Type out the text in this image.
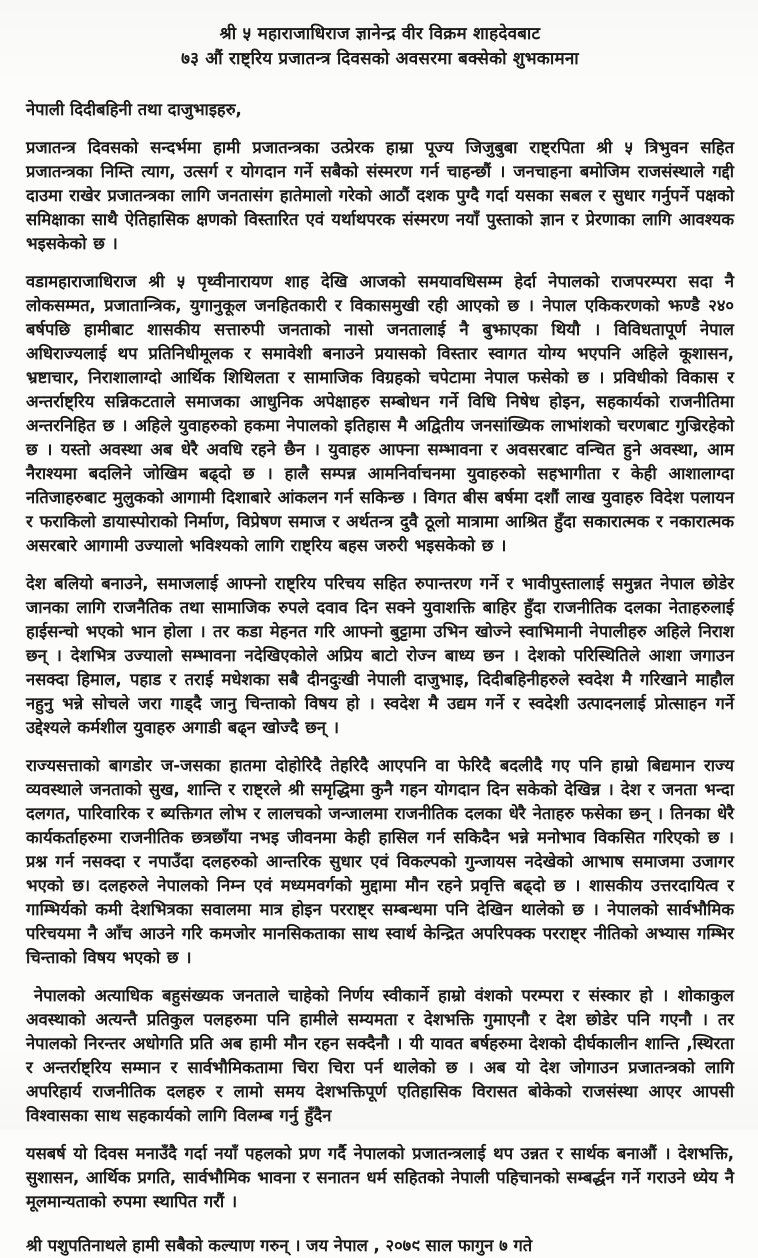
श्री ५ महाराजाधिराज ज्ञानेन्द्र वीर विक्रम शाहदेवबाट
७३ औं राष्ट्रिय प्रजातन्त्र दिवसको अवसरमा बक्सेको शुभकामना

नेपाली दिदीबहिनी तथा दाजुभाइहरु,

प्रजातन्त्र दिवसको सन्दर्भमा हामी प्रजातन्त्रका उत्प्रेरक हाम्रा पूज्य जिजुबुबा राष्ट्रपिता श्री ५ त्रिभुवन सहित प्रजातन्त्रका निम्ति त्याग, उत्सर्ग र योगदान गर्ने सबैको संस्मरण गर्न चाहन्छौं । जनचाहना बमोजिम राजसंस्थाले गद्दी दाउमा राखेर प्रजातन्त्रका लागि जनतासंग हातेमालो गरेको आठौं दशक पुग्दै गर्दा यसका सबल र सुधार गर्नुपर्ने पक्षको समिक्षाका साथै ऐतिहासिक क्षणको विस्तारित एवं यर्थाथपरक संस्मरण नयाँ पुस्ताको ज्ञान र प्रेरणाका लागि आवश्यक भइसकेको छ ।

वडामहाराजाधिराज श्री ५ पृथ्वीनारायण शाह देखि आजको समयावधिसम्म हेर्दा नेपालको राजपरम्परा सदा नै लोकसम्मत, प्रजातान्त्रिक, युगानुकूल जनहितकारी र विकासमुखी रही आएको छ । नेपाल एकिकरणको झण्डै २४० बर्षपछि हामीबाट शासकीय सत्तारुपी जनताको नासो जनतालाई नै बुझाएका थियौ । विविधतापूर्ण नेपाल अधिराज्यलाई थप प्रतिनिधीमूलक र समावेशी बनाउने प्रयासको विस्तार स्वागत योग्य भएपनि अहिले कूशासन, भ्रष्टाचार, निराशालाग्दो आर्थिक शिथिलता र सामाजिक विग्रहको चपेटामा नेपाल फसेको छ । प्रविधीको विकास र अन्तर्राष्ट्रिय सन्निकटताले समाजका आधुनिक अपेक्षाहरु सम्बोधन गर्ने विधि निषेध होइन, सहकार्यको राजनीतिमा अन्तरनिहित छ । अहिले युवाहरुको हकमा नेपालको इतिहास मै अद्वितीय जनसांख्यिक लाभांशको चरणबाट गुज्रिरहेको छ । यस्तो अवस्था अब धेरै अवधि रहने छैन । युवाहरु आफ्ना सम्भावना र अवसरबाट वन्चित हुने अवस्था, आम नैराश्यमा बदलिने जोखिम बढ्दो छ । हालै सम्पन्न आमनिर्वाचनमा युवाहरुको सहभागीता र केही आशालाग्दा नतिजाहरुबाट मुलुकको आगामी दिशाबारे आंकलन गर्न सकिन्छ । विगत बीस बर्षमा दशौं लाख युवाहरु विदेश पलायन र फराकिलो डायास्पोराको निर्माण, विप्रेषण समाज र अर्थतन्त्र दुवै ठूलो मात्रामा आश्रित हुँदा सकारात्मक र नकारात्मक असरबारे आगामी उज्यालो भविश्यको लागि राष्ट्रिय बहस जरुरी भइसकेको छ ।

देश बलियो बनाउने, समाजलाई आफ्नो राष्ट्रिय परिचय सहित रुपान्तरण गर्ने र भावीपुस्तालाई समुन्नत नेपाल छोडेर जानका लागि राजनैतिक तथा सामाजिक रुपले दवाव दिन सक्ने युवाशक्ति बाहिर हुँदा राजनीतिक दलका नेताहरुलाई हाईसन्चो भएको भान होला । तर कडा मेहनत गरि आफ्नो बुट्टामा उभिन खोज्ने स्वाभिमानी नेपालीहरु अहिले निराश छन् । देशभित्र उज्यालो सम्भावना नदेखिएकोले अप्रिय बाटो रोज्न बाध्य छन । देशको परिस्थितिले आशा जगाउन नसक्दा हिमाल, पहाड र तराई मधेशका सबै दीनदुःखी नेपाली दाजुभाइ, दिदीबहिनीहरुले स्वदेश मै गरिखाने माहौल नहुनु भन्ने सोचले जरा गाड्दै जानु चिन्ताको विषय हो । स्वदेश मै उद्यम गर्ने र स्वदेशी उत्पादनलाई प्रोत्साहन गर्ने उद्देश्यले कर्मशील युवाहरु अगाडी बढ्न खोज्दै छन् ।

राज्यसत्ताको बागडोर ज-जसका हातमा दोहोरिदै तेहरिदै आएपनि वा फेरिदै बदलीदै गए पनि हाम्रो बिद्यमान राज्य व्यवस्थाले जनताको सुख, शान्ति र राष्ट्रले श्री समृद्धिमा कुनै गहन योगदान दिन सकेको देखिन्न । देश र जनता भन्दा दलगत, पारिवारिक र ब्यक्तिगत लोभ र लालचको जन्जालमा राजनीतिक दलका धेरै नेताहरु फसेका छन् । तिनका धेरै कार्यकर्ताहरुमा राजनीतिक छत्रछाँया नभइ जीवनमा केही हासिल गर्न सकिदैन भन्ने मनोभाव विकसित गरिएको छ । प्रश्न गर्न नसक्दा र नपाउँदा दलहरुको आन्तरिक सुधार एवं विकल्पको गुन्जायस नदेखेको आभाष समाजमा उजागर भएको छ। दलहरुले नेपालको निम्न एवं मध्यमवर्गको मुद्दामा मौन रहने प्रवृत्ति बढ्दो छ । शासकीय उत्तरदायित्व र गाम्भिर्यको कमी देशभित्रका सवालमा मात्र होइन परराष्ट्र सम्बन्धमा पनि देखिन थालेको छ । नेपालको सार्वभौमिक परिचयमा नै आँच आउने गरि कमजोर मानसिकताका साथ स्वार्थ केन्द्रित अपरिपक्क परराष्ट्र नीतिको अभ्यास गम्भिर चिन्ताको विषय भएको छ ।

नेपालको अत्याधिक बहुसंख्यक जनताले चाहेको निर्णय स्वीकार्ने हाम्रो वंशको परम्परा र संस्कार हो । शोकाकुल अवस्थाको अत्यन्तै प्रतिकुल पलहरुमा पनि हामीले सम्यमता र देशभक्ति गुमाएनौ र देश छोडेर पनि गएनौ । तर नेपालको निरन्तर अधोगति प्रति अब हामी मौन रहन सक्दैनौ । यी यावत बर्षहरुमा देशको दीर्घकालीन शान्ति ,स्थिरता र अन्तर्राष्ट्रिय सम्मान र सार्वभौमिकतामा चिरा चिरा पर्न थालेको छ । अब यो देश जोगाउन प्रजातन्त्रको लागि अपरिहार्य राजनीतिक दलहरु र लामो समय देशभक्तिपूर्ण एतिहासिक विरासत बोकेको राजसंस्था आएर आपसी विश्वासका साथ सहकार्यको लागि विलम्ब गर्नु हुँदैन

यसबर्ष यो दिवस मनाउँदै गर्दा नयाँ पहलको प्रण गर्दै नेपालको प्रजातन्त्रलाई थप उन्नत र सार्थक बनाऔं । देशभक्ति, सुशासन, आर्थिक प्रगति, सार्वभौमिक भावना र सनातन धर्म सहितको नेपाली पहिचानको सम्बर्द्धन गर्ने गराउने ध्येय नै मूलमान्यताको रुपमा स्थापित गरौं ।

श्री पशुपतिनाथले हामी सबैको कल्याण गरुन् । जय नेपाल , २०७९ साल फागुन ७ गते
